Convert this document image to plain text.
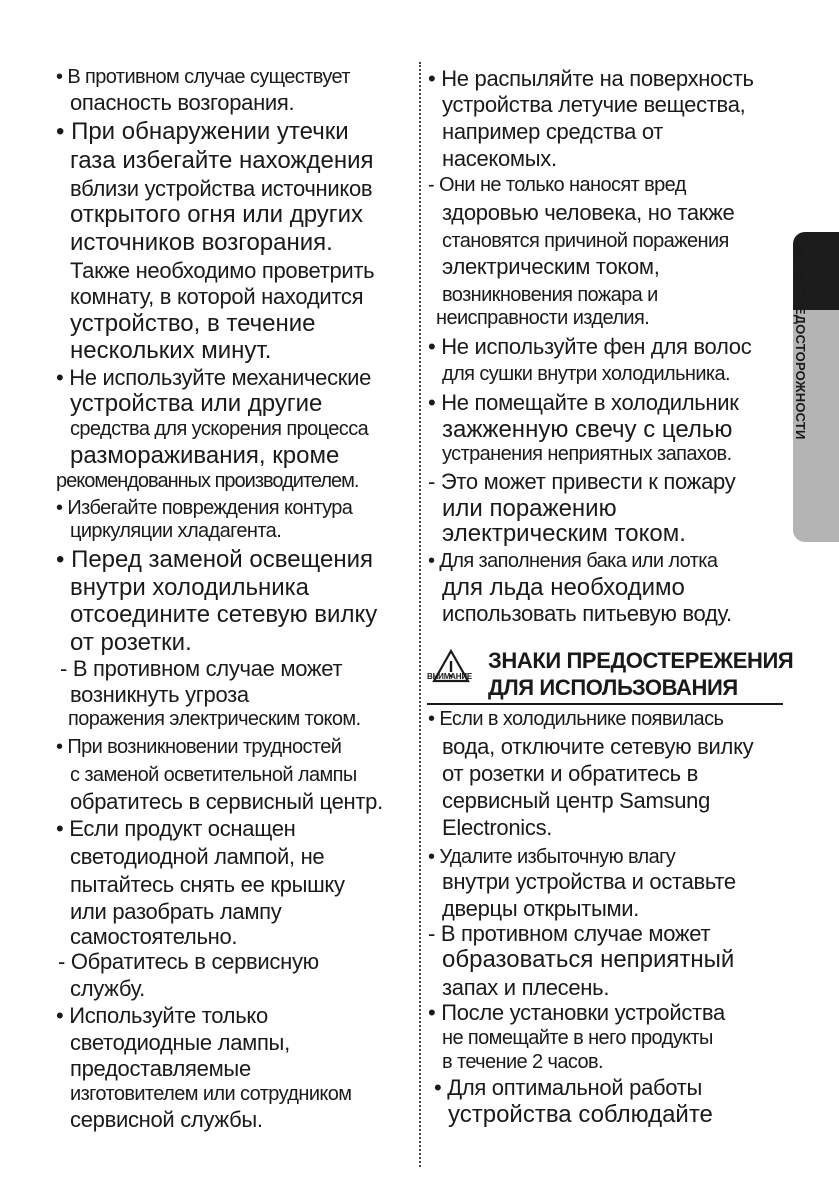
• В противном случае существует
опасность возгорания.
• При обнаружении утечки
газа избегайте нахождения
вблизи устройства источников
открытого огня или других
источников возгорания.
Также необходимо проветрить
комнату, в которой находится
устройство, в течение
нескольких минут.
• Не используйте механические
устройства или другие
средства для ускорения процесса
размораживания, кроме
рекомендованных производителем.
• Избегайте повреждения контура
циркуляции хладагента.
• Перед заменой освещения
внутри холодильника
отсоедините сетевую вилку
от розетки.
- В противном случае может
возникнуть угроза
поражения электрическим током.
• При возникновении трудностей
с заменой осветительной лампы
обратитесь в сервисный центр.
• Если продукт оснащен
светодиодной лампой, не
пытайтесь снять ее крышку
или разобрать лампу
самостоятельно.
- Обратитесь в сервисную
службу.
• Используйте только
светодиодные лампы,
предоставляемые
изготовителем или сотрудником
сервисной службы.
• Не распыляйте на поверхность
устройства летучие вещества,
например средства от
насекомых.
- Они не только наносят вред
здоровью человека, но также
становятся причиной поражения
электрическим током,
возникновения пожара и
неисправности изделия.
• Не используйте фен для волос
для сушки внутри холодильника.
• Не помещайте в холодильник
зажженную свечу с целью
устранения неприятных запахов.
- Это может привести к пожару
или поражению
электрическим током.
• Для заполнения бака или лотка
для льда необходимо
использовать питьевую воду.
ВНИМАНИЕ
ЗНАКИ ПРЕДОСТЕРЕЖЕНИЯ
ДЛЯ ИСПОЛЬЗОВАНИЯ
• Если в холодильнике появилась
вода, отключите сетевую вилку
от розетки и обратитесь в
сервисный центр Samsung
Electronics.
• Удалите избыточную влагу
внутри устройства и оставьте
дверцы открытыми.
- В противном случае может
образоваться неприятный
запах и плесень.
• После установки устройства
не помещайте в него продукты
в течение 2 часов.
• Для оптимальной работы
устройства соблюдайте
МЕРЫ ПРЕДОСТОРОЖНОСТИ
